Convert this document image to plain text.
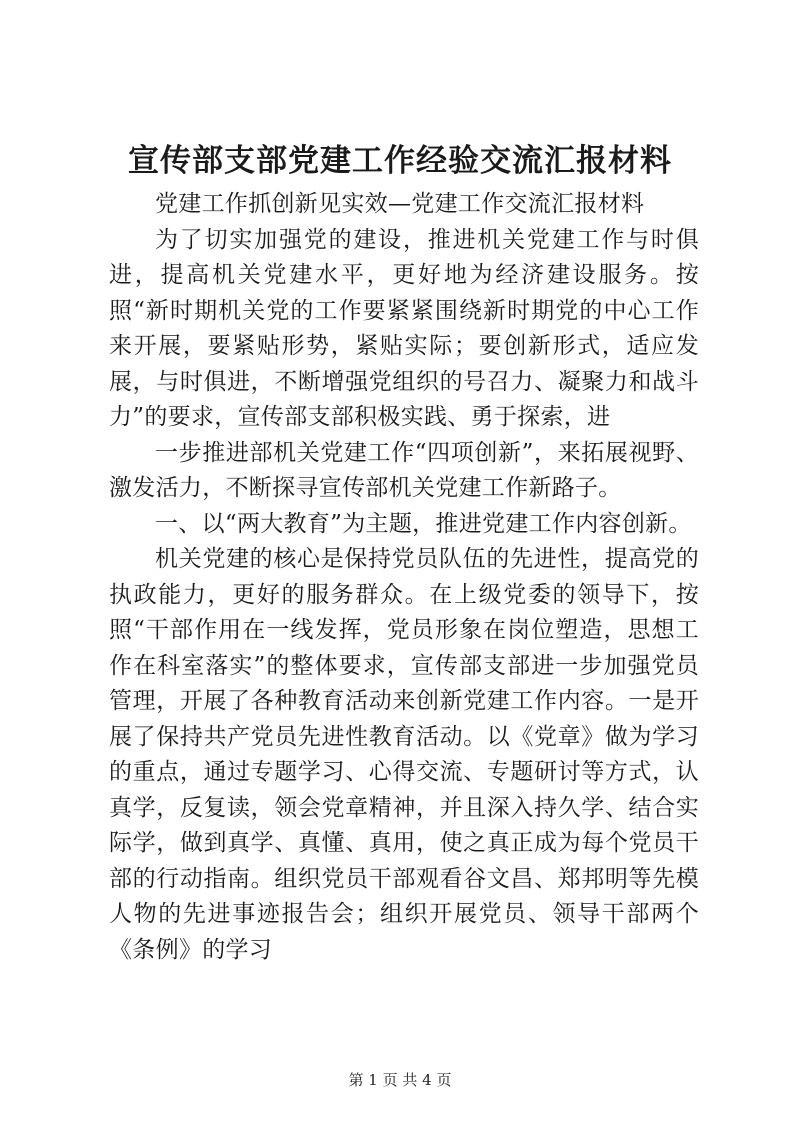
宣传部支部党建工作经验交流汇报材料

党建工作抓创新见实效—党建工作交流汇报材料

为了切实加强党的建设，推进机关党建工作与时俱进，提高机关党建水平，更好地为经济建设服务。按照“新时期机关党的工作要紧紧围绕新时期党的中心工作来开展，要紧贴形势，紧贴实际；要创新形式，适应发展，与时俱进，不断增强党组织的号召力、凝聚力和战斗力”的要求，宣传部支部积极实践、勇于探索，进

一步推进部机关党建工作“四项创新”，来拓展视野、激发活力，不断探寻宣传部机关党建工作新路子。

一、以“两大教育”为主题，推进党建工作内容创新。

机关党建的核心是保持党员队伍的先进性，提高党的执政能力，更好的服务群众。在上级党委的领导下，按照“干部作用在一线发挥，党员形象在岗位塑造，思想工作在科室落实”的整体要求，宣传部支部进一步加强党员管理，开展了各种教育活动来创新党建工作内容。一是开展了保持共产党员先进性教育活动。以《党章》做为学习的重点，通过专题学习、心得交流、专题研讨等方式，认真学，反复读，领会党章精神，并且深入持久学、结合实际学，做到真学、真懂、真用，使之真正成为每个党员干部的行动指南。组织党员干部观看谷文昌、郑邦明等先模人物的先进事迹报告会；组织开展党员、领导干部两个《条例》的学习

第 1 页 共 4 页
